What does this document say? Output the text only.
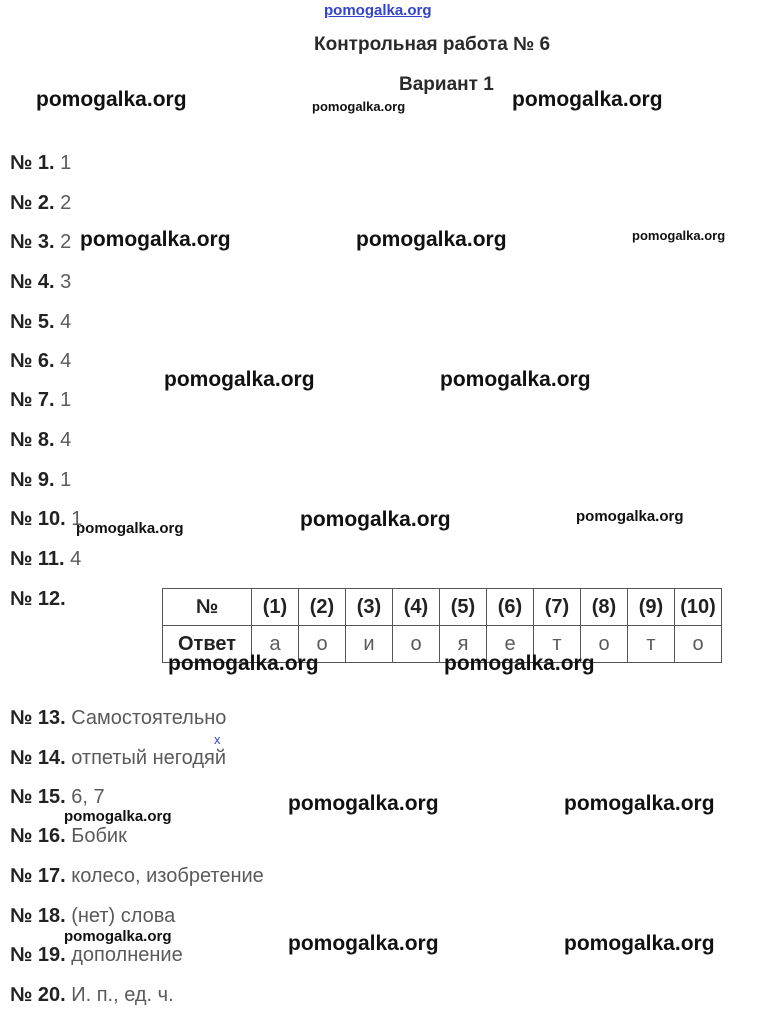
pomogalka.org
Контрольная работа № 6
Вариант 1
№ 1. 1
№ 2. 2
№ 3. 2
№ 4. 3
№ 5. 4
№ 6. 4
№ 7. 1
№ 8. 4
№ 9. 1
№ 10. 1
№ 11. 4
№ 12.	№	(1)	(2)	(3)	(4)	(5)	(6)	(7)	(8)	(9)	(10)
Ответ	а	о	и	о	я	е	т	о	т	о
№ 13. Самостоятельно
№ 14. отпетый негодяй
№ 15. 6, 7
№ 16. Бобик
№ 17. колесо, изобретение
№ 18. (нет) слова
№ 19. дополнение
№ 20. И. п., ед. ч.
x
pomogalka.org	pomogalka.org	pomogalka.org
pomogalka.org	pomogalka.org	pomogalka.org
pomogalka.org	pomogalka.org
pomogalka.org	pomogalka.org	pomogalka.org
pomogalka.org	pomogalka.org
pomogalka.org
pomogalka.org	pomogalka.org
pomogalka.org	pomogalka.org	pomogalka.org
